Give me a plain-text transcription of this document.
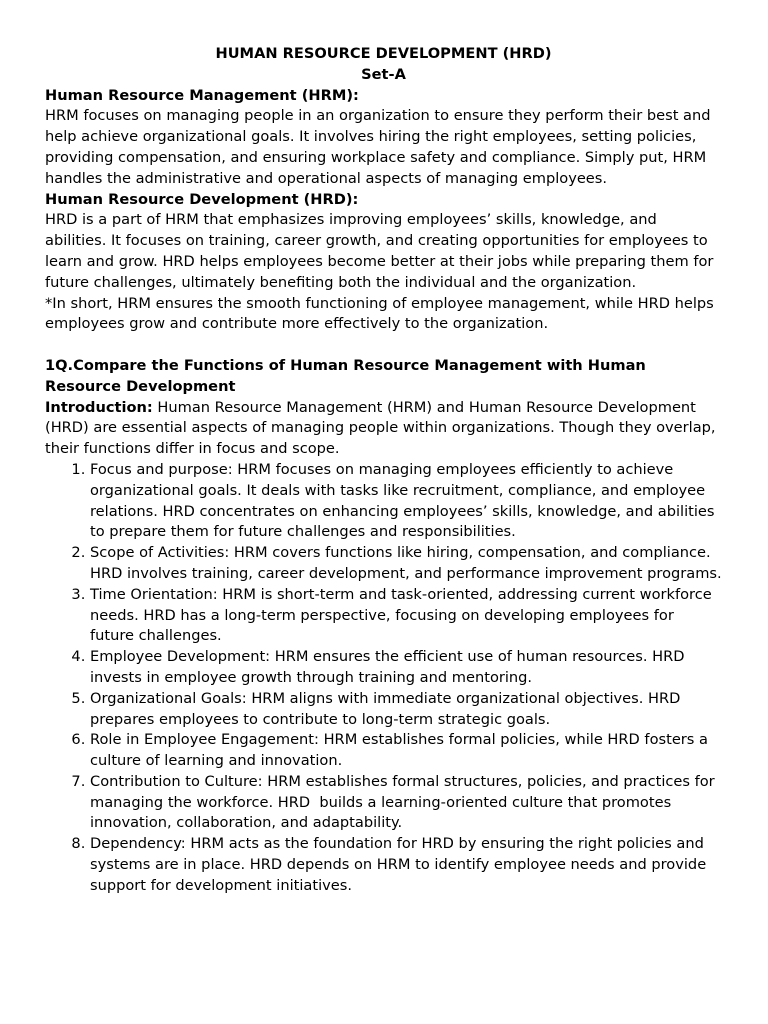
HUMAN RESOURCE DEVELOPMENT (HRD)

Set-A

Human Resource Management (HRM):

HRM focuses on managing people in an organization to ensure they perform their best and help achieve organizational goals. It involves hiring the right employees, setting policies, providing compensation, and ensuring workplace safety and compliance. Simply put, HRM handles the administrative and operational aspects of managing employees.

Human Resource Development (HRD):

HRD is a part of HRM that emphasizes improving employees’ skills, knowledge, and abilities. It focuses on training, career growth, and creating opportunities for employees to learn and grow. HRD helps employees become better at their jobs while preparing them for future challenges, ultimately benefiting both the individual and the organization.

*In short, HRM ensures the smooth functioning of employee management, while HRD helps employees grow and contribute more effectively to the organization.

1Q.Compare the Functions of Human Resource Management with Human Resource Development

Introduction: Human Resource Management (HRM) and Human Resource Development (HRD) are essential aspects of managing people within organizations. Though they overlap, their functions differ in focus and scope.

1. Focus and purpose: HRM focuses on managing employees efficiently to achieve organizational goals. It deals with tasks like recruitment, compliance, and employee relations. HRD concentrates on enhancing employees’ skills, knowledge, and abilities to prepare them for future challenges and responsibilities.
2. Scope of Activities: HRM covers functions like hiring, compensation, and compliance. HRD involves training, career development, and performance improvement programs.
3. Time Orientation: HRM is short-term and task-oriented, addressing current workforce needs. HRD has a long-term perspective, focusing on developing employees for future challenges.
4. Employee Development: HRM ensures the efficient use of human resources. HRD invests in employee growth through training and mentoring.
5. Organizational Goals: HRM aligns with immediate organizational objectives. HRD prepares employees to contribute to long-term strategic goals.
6. Role in Employee Engagement: HRM establishes formal policies, while HRD fosters a culture of learning and innovation.
7. Contribution to Culture: HRM establishes formal structures, policies, and practices for managing the workforce. HRD  builds a learning-oriented culture that promotes innovation, collaboration, and adaptability.
8. Dependency: HRM acts as the foundation for HRD by ensuring the right policies and systems are in place. HRD depends on HRM to identify employee needs and provide support for development initiatives.
